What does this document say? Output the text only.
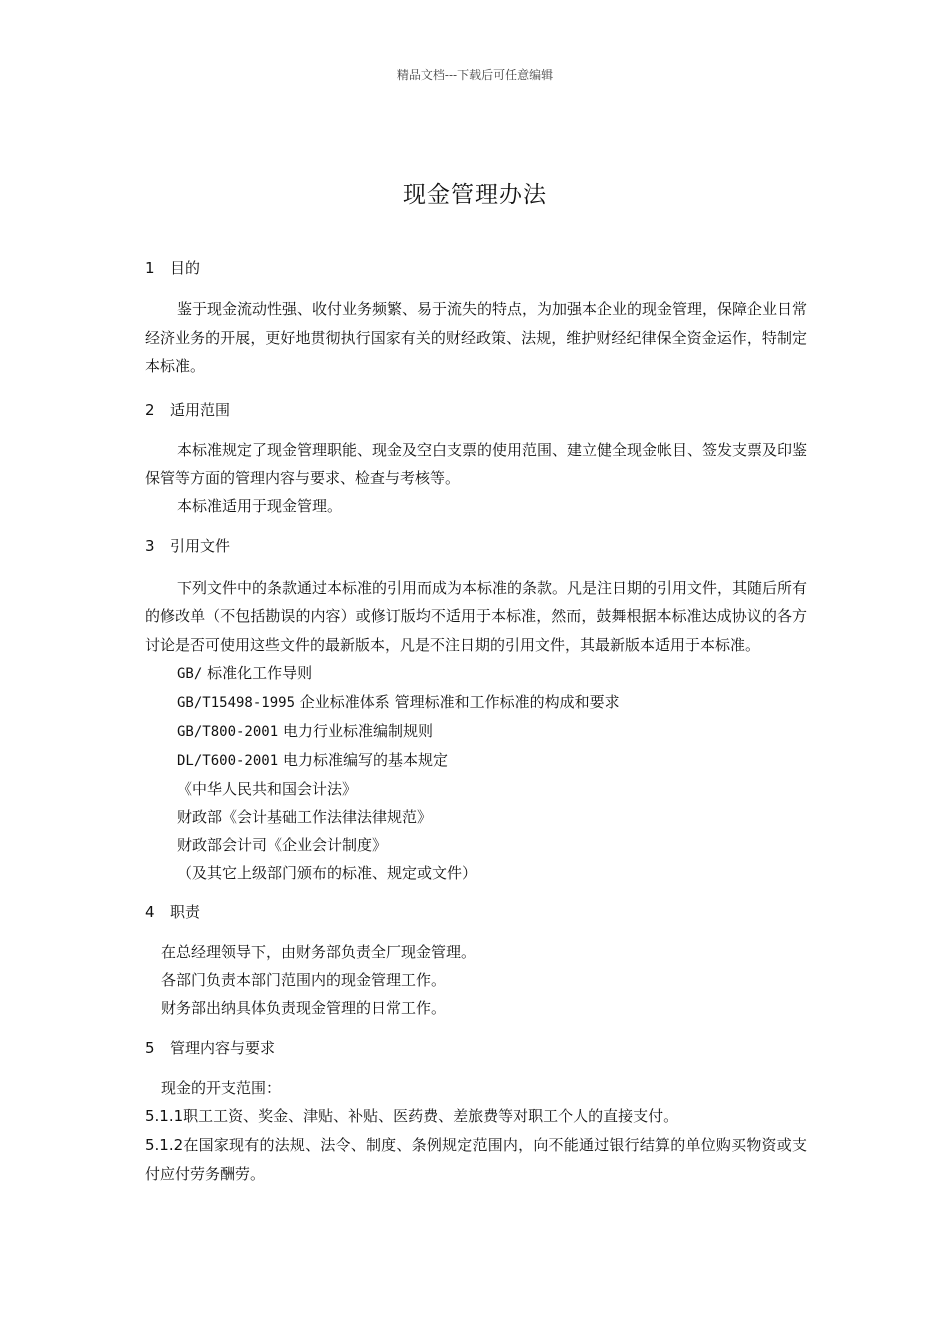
精品文档---下载后可任意编辑
现金管理办法
1 目的
鉴于现金流动性强、收付业务频繁、易于流失的特点，为加强本企业的现金管理，保障企业日常经济业务的开展，更好地贯彻执行国家有关的财经政策、法规，维护财经纪律保全资金运作，特制定本标准。
2 适用范围
本标准规定了现金管理职能、现金及空白支票的使用范围、建立健全现金帐目、签发支票及印鉴保管等方面的管理内容与要求、检查与考核等。
本标准适用于现金管理。
3 引用文件
下列文件中的条款通过本标准的引用而成为本标准的条款。凡是注日期的引用文件，其随后所有的修改单（不包括勘误的内容）或修订版均不适用于本标准，然而，鼓舞根据本标准达成协议的各方讨论是否可使用这些文件的最新版本，凡是不注日期的引用文件，其最新版本适用于本标准。
GB/ 标准化工作导则
GB/T15498-1995 企业标准体系 管理标准和工作标准的构成和要求
GB/T800-2001 电力行业标准编制规则
DL/T600-2001 电力标准编写的基本规定
《中华人民共和国会计法》
财政部《会计基础工作法律法律规范》
财政部会计司《企业会计制度》
（及其它上级部门颁布的标准、规定或文件）
4 职责
在总经理领导下，由财务部负责全厂现金管理。
各部门负责本部门范围内的现金管理工作。
财务部出纳具体负责现金管理的日常工作。
5 管理内容与要求
现金的开支范围：
5.1.1职工工资、奖金、津贴、补贴、医药费、差旅费等对职工个人的直接支付。
5.1.2在国家现有的法规、法令、制度、条例规定范围内，向不能通过银行结算的单位购买物资或支付应付劳务酬劳。
